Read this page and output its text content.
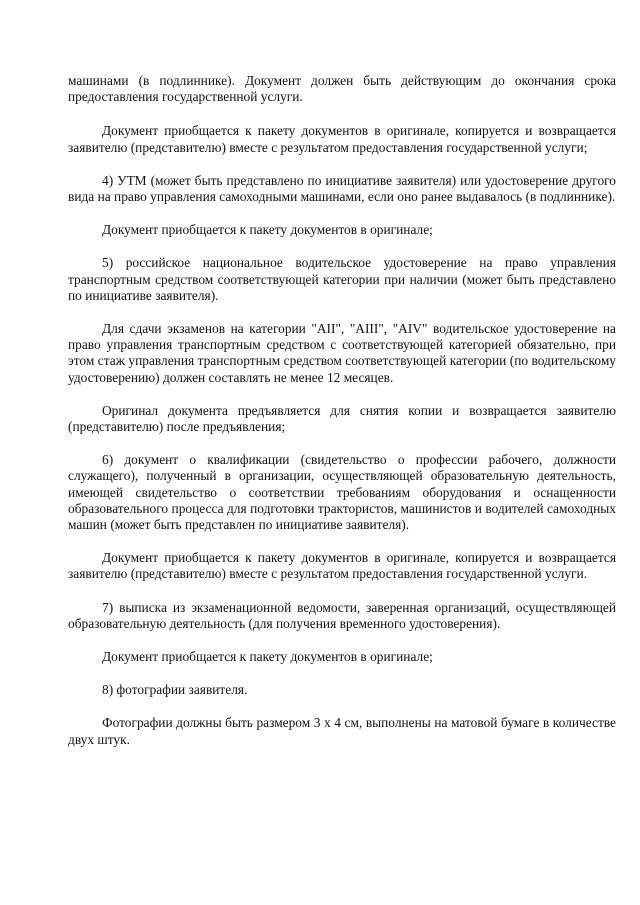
машинами (в подлиннике). Документ должен быть действующим до окончания срока предоставления государственной услуги.

Документ приобщается к пакету документов в оригинале, копируется и возвращается заявителю (представителю) вместе с результатом предоставления государственной услуги;

4) УТМ (может быть представлено по инициативе заявителя) или удостоверение другого вида на право управления самоходными машинами, если оно ранее выдавалось (в подлиннике).

Документ приобщается к пакету документов в оригинале;

5) российское национальное водительское удостоверение на право управления транспортным средством соответствующей категории при наличии (может быть представлено по инициативе заявителя).

Для сдачи экзаменов на категории "AII", "AIII", "AIV" водительское удостоверение на право управления транспортным средством с соответствующей категорией обязательно, при этом стаж управления транспортным средством соответствующей категории (по водительскому удостоверению) должен составлять не менее 12 месяцев.

Оригинал документа предъявляется для снятия копии и возвращается заявителю (представителю) после предъявления;

6) документ о квалификации (свидетельство о профессии рабочего, должности служащего), полученный в организации, осуществляющей образовательную деятельность, имеющей свидетельство о соответствии требованиям оборудования и оснащенности образовательного процесса для подготовки трактористов, машинистов и водителей самоходных машин (может быть представлен по инициативе заявителя).

Документ приобщается к пакету документов в оригинале, копируется и возвращается заявителю (представителю) вместе с результатом предоставления государственной услуги.

7) выписка из экзаменационной ведомости, заверенная организаций, осуществляющей образовательную деятельность (для получения временного удостоверения).

Документ приобщается к пакету документов в оригинале;

8) фотографии заявителя.

Фотографии должны быть размером 3 х 4 см, выполнены на матовой бумаге в количестве двух штук.
